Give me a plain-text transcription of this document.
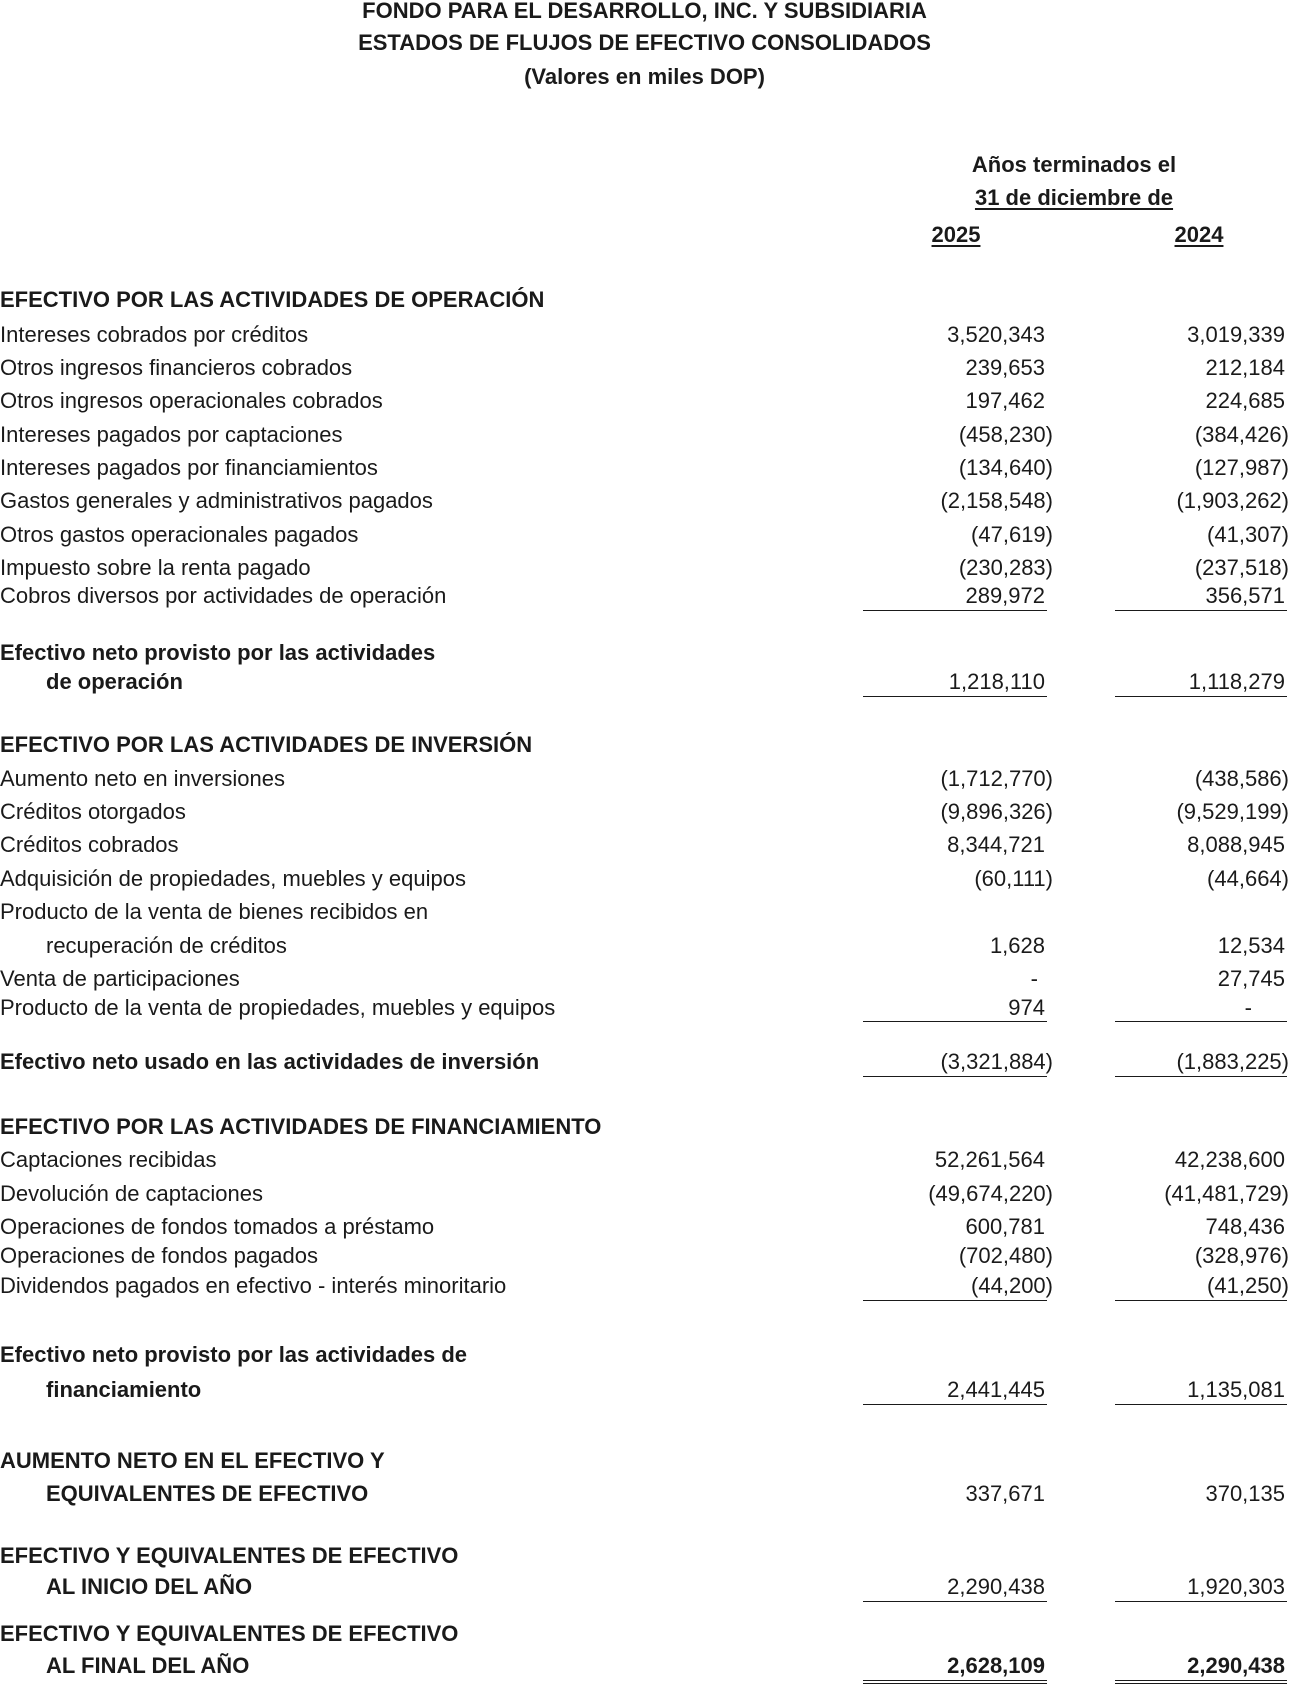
FONDO PARA EL DESARROLLO, INC. Y SUBSIDIARIA
ESTADOS DE FLUJOS DE EFECTIVO CONSOLIDADOS
(Valores en miles DOP)
Años terminados el
31 de diciembre de
2025	2024
EFECTIVO POR LAS ACTIVIDADES DE OPERACIÓN
Intereses cobrados por créditos	3,520,343	3,019,339
Otros ingresos financieros cobrados	239,653	212,184
Otros ingresos operacionales cobrados	197,462	224,685
Intereses pagados por captaciones	(458,230)	(384,426)
Intereses pagados por financiamientos	(134,640)	(127,987)
Gastos generales y administrativos pagados	(2,158,548)	(1,903,262)
Otros gastos operacionales pagados	(47,619)	(41,307)
Impuesto sobre la renta pagado	(230,283)	(237,518)
Cobros diversos por actividades de operación	289,972	356,571
Efectivo neto provisto por las actividades
de operación	1,218,110	1,118,279
EFECTIVO POR LAS ACTIVIDADES DE INVERSIÓN
Aumento neto en inversiones	(1,712,770)	(438,586)
Créditos otorgados	(9,896,326)	(9,529,199)
Créditos cobrados	8,344,721	8,088,945
Adquisición de propiedades, muebles y equipos	(60,111)	(44,664)
Producto de la venta de bienes recibidos en
recuperación de créditos	1,628	12,534
Venta de participaciones	-	27,745
Producto de la venta de propiedades, muebles y equipos	974	-
Efectivo neto usado en las actividades de inversión	(3,321,884)	(1,883,225)
EFECTIVO POR LAS ACTIVIDADES DE FINANCIAMIENTO
Captaciones recibidas	52,261,564	42,238,600
Devolución de captaciones	(49,674,220)	(41,481,729)
Operaciones de fondos tomados a préstamo	600,781	748,436
Operaciones de fondos pagados	(702,480)	(328,976)
Dividendos pagados en efectivo - interés minoritario	(44,200)	(41,250)
Efectivo neto provisto por las actividades de
financiamiento	2,441,445	1,135,081
AUMENTO NETO EN EL EFECTIVO Y
EQUIVALENTES DE EFECTIVO	337,671	370,135
EFECTIVO Y EQUIVALENTES DE EFECTIVO
AL INICIO DEL AÑO	2,290,438	1,920,303
EFECTIVO Y EQUIVALENTES DE EFECTIVO
AL FINAL DEL AÑO	2,628,109	2,290,438
